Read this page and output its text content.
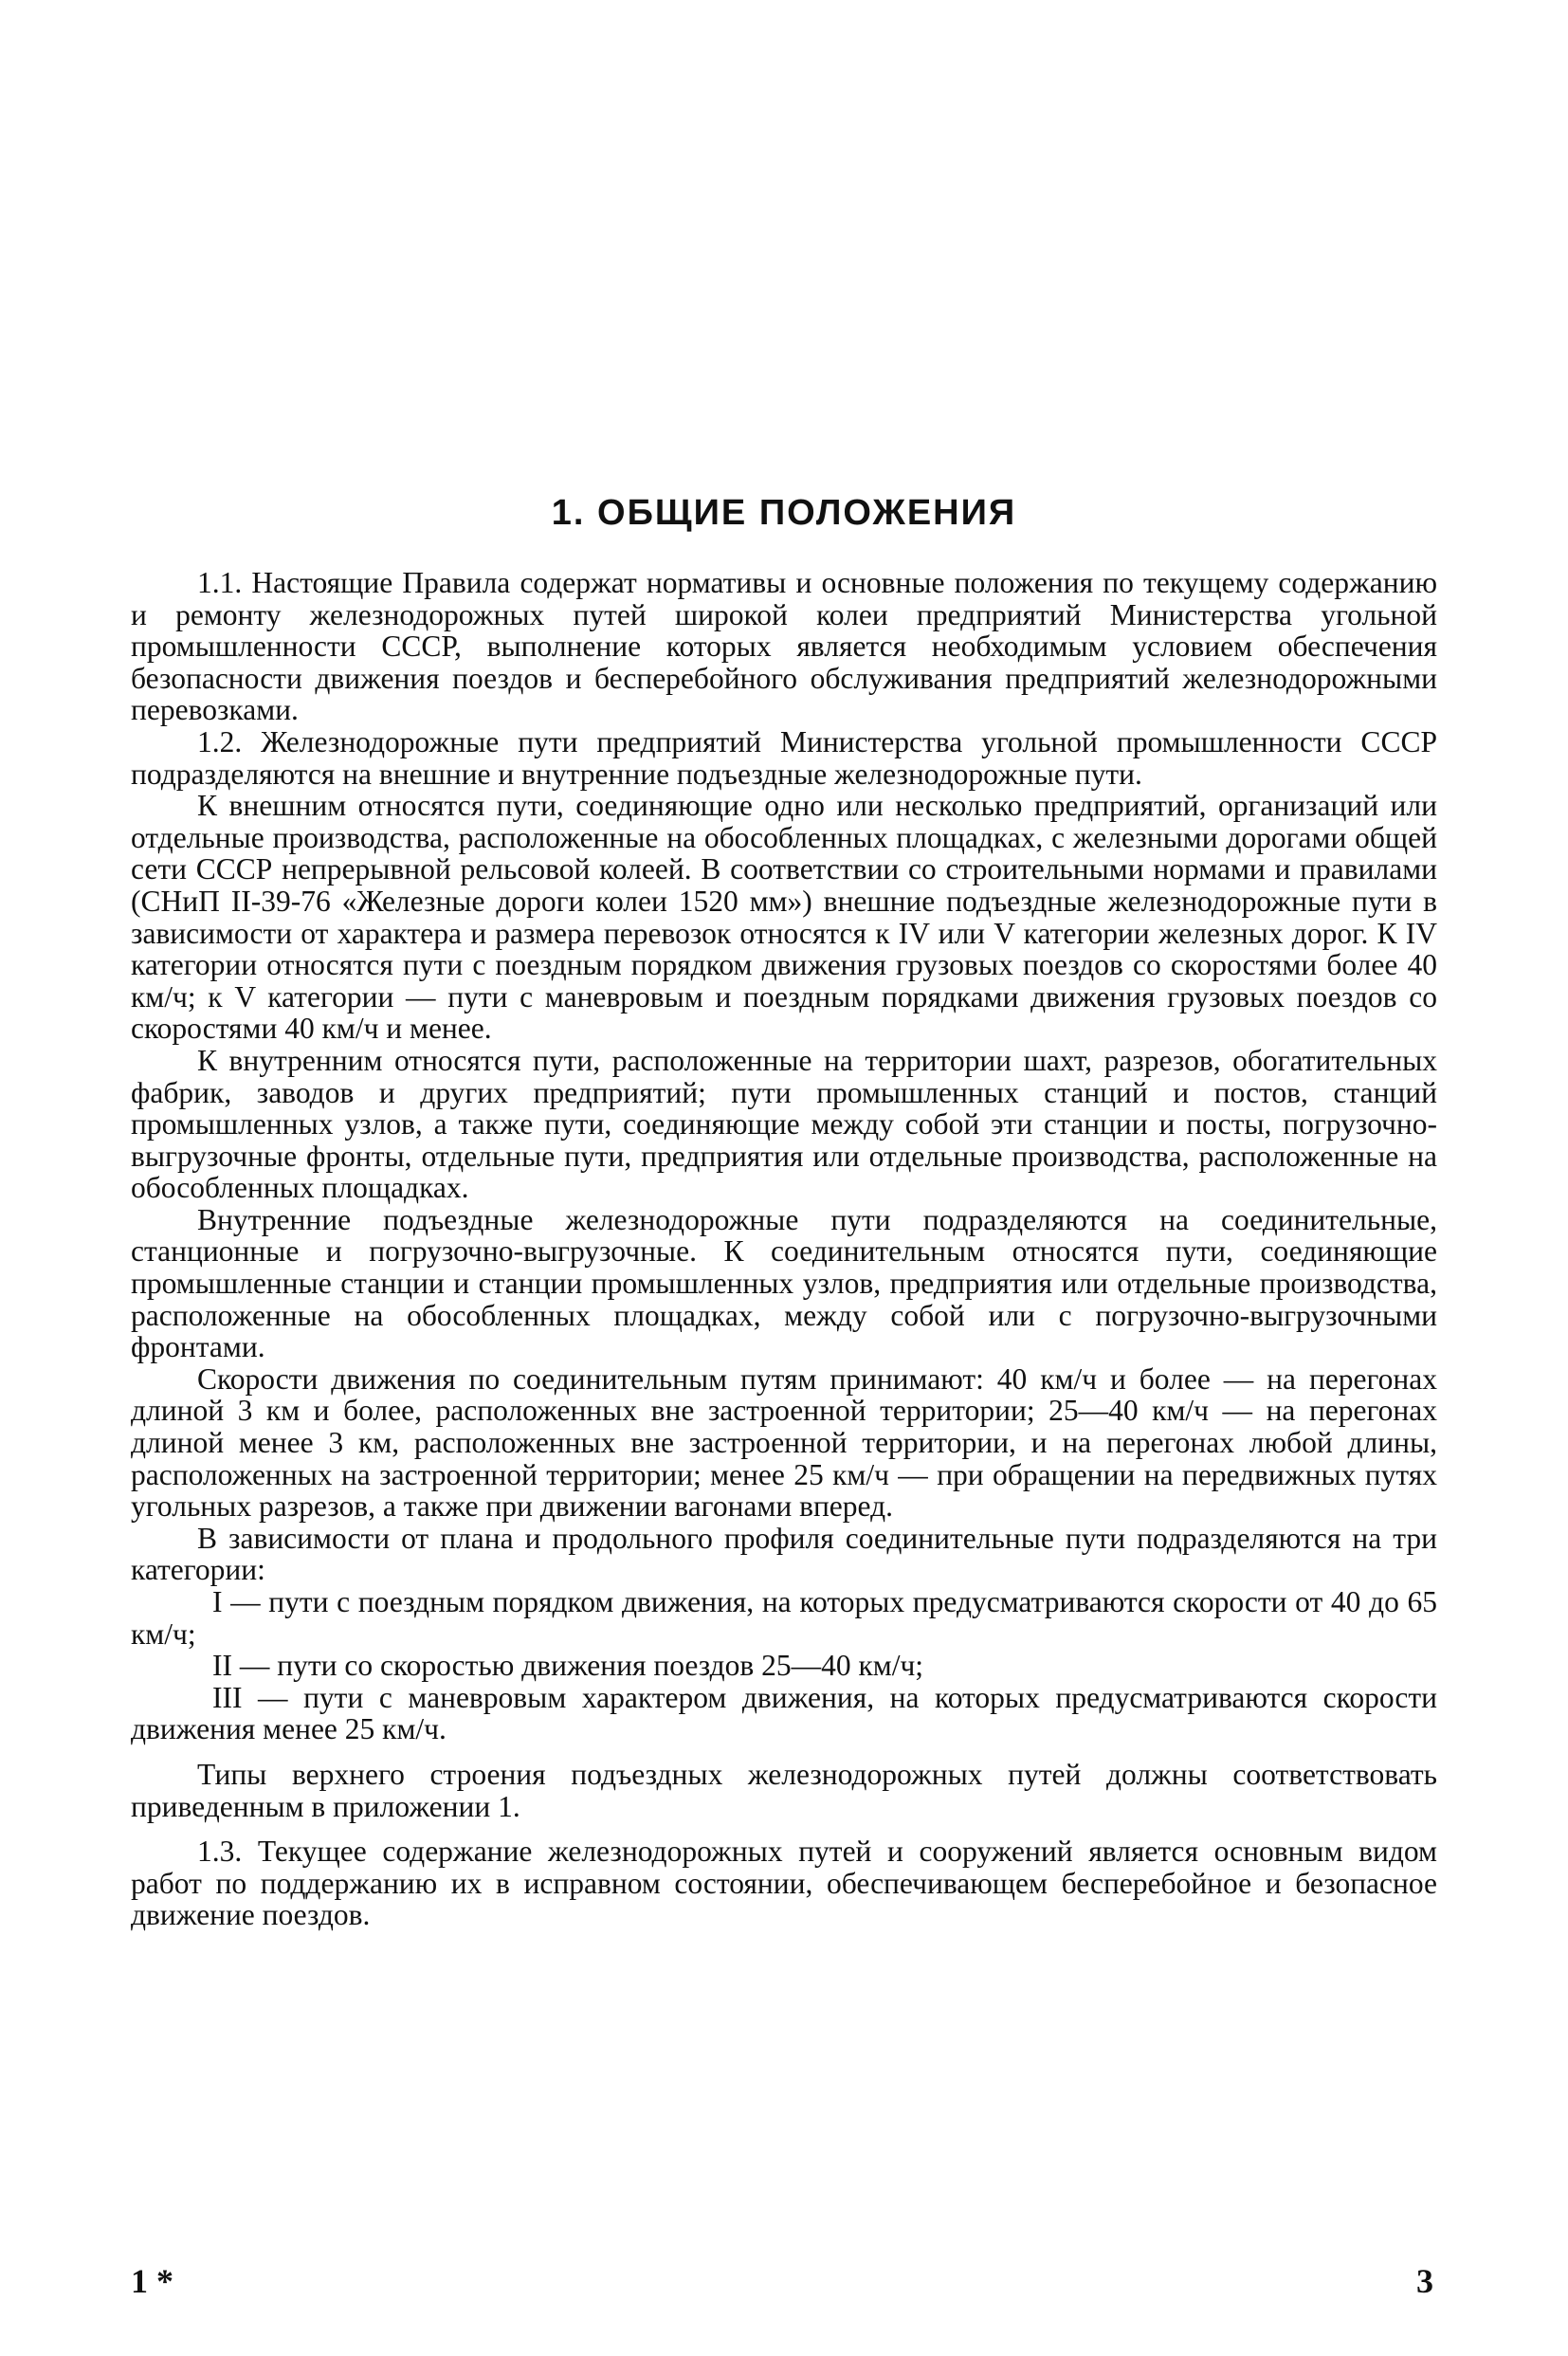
1. ОБЩИЕ ПОЛОЖЕНИЯ

1.1. Настоящие Правила содержат нормативы и основные положения по текущему содержанию и ремонту железнодорожных путей широкой колеи предприятий Министерства угольной промышленности СССР, выполнение которых является необходимым условием обеспечения безопасности движения поездов и бесперебойного обслуживания предприятий железнодорожными перевозками.

1.2. Железнодорожные пути предприятий Министерства угольной промышленности СССР подразделяются на внешние и внутренние подъездные железнодорожные пути.

К внешним относятся пути, соединяющие одно или несколько предприятий, организаций или отдельные производства, расположенные на обособленных площадках, с железными дорогами общей сети СССР непрерывной рельсовой колеей. В соответствии со строительными нормами и правилами (СНиП II-39-76 «Железные дороги колеи 1520 мм») внешние подъездные железнодорожные пути в зависимости от характера и размера перевозок относятся к IV или V категории железных дорог. К IV категории относятся пути с поездным порядком движения грузовых поездов со скоростями более 40 км/ч; к V категории — пути с маневровым и поездным порядками движения грузовых поездов со скоростями 40 км/ч и менее.

К внутренним относятся пути, расположенные на территории шахт, разрезов, обогатительных фабрик, заводов и других предприятий; пути промышленных станций и постов, станций промышленных узлов, а также пути, соединяющие между собой эти станции и посты, погрузочно-выгрузочные фронты, отдельные пути, предприятия или отдельные производства, расположенные на обособленных площадках.

Внутренние подъездные железнодорожные пути подразделяются на соединительные, станционные и погрузочно-выгрузочные. К соединительным относятся пути, соединяющие промышленные станции и станции промышленных узлов, предприятия или отдельные производства, расположенные на обособленных площадках, между собой или с погрузочно-выгрузочными фронтами.

Скорости движения по соединительным путям принимают: 40 км/ч и более — на перегонах длиной 3 км и более, расположенных вне застроенной территории; 25—40 км/ч — на перегонах длиной менее 3 км, расположенных вне застроенной территории, и на перегонах любой длины, расположенных на застроенной территории; менее 25 км/ч — при обращении на передвижных путях угольных разрезов, а также при движении вагонами вперед.

В зависимости от плана и продольного профиля соединительные пути подразделяются на три категории:

I — пути с поездным порядком движения, на которых предусматриваются скорости от 40 до 65 км/ч;

II — пути со скоростью движения поездов 25—40 км/ч;

III — пути с маневровым характером движения, на которых предусматриваются скорости движения менее 25 км/ч.

Типы верхнего строения подъездных железнодорожных путей должны соответствовать приведенным в приложении 1.

1.3. Текущее содержание железнодорожных путей и сооружений является основным видом работ по поддержанию их в исправном состоянии, обеспечивающем бесперебойное и безопасное движение поездов.

1 *	3
